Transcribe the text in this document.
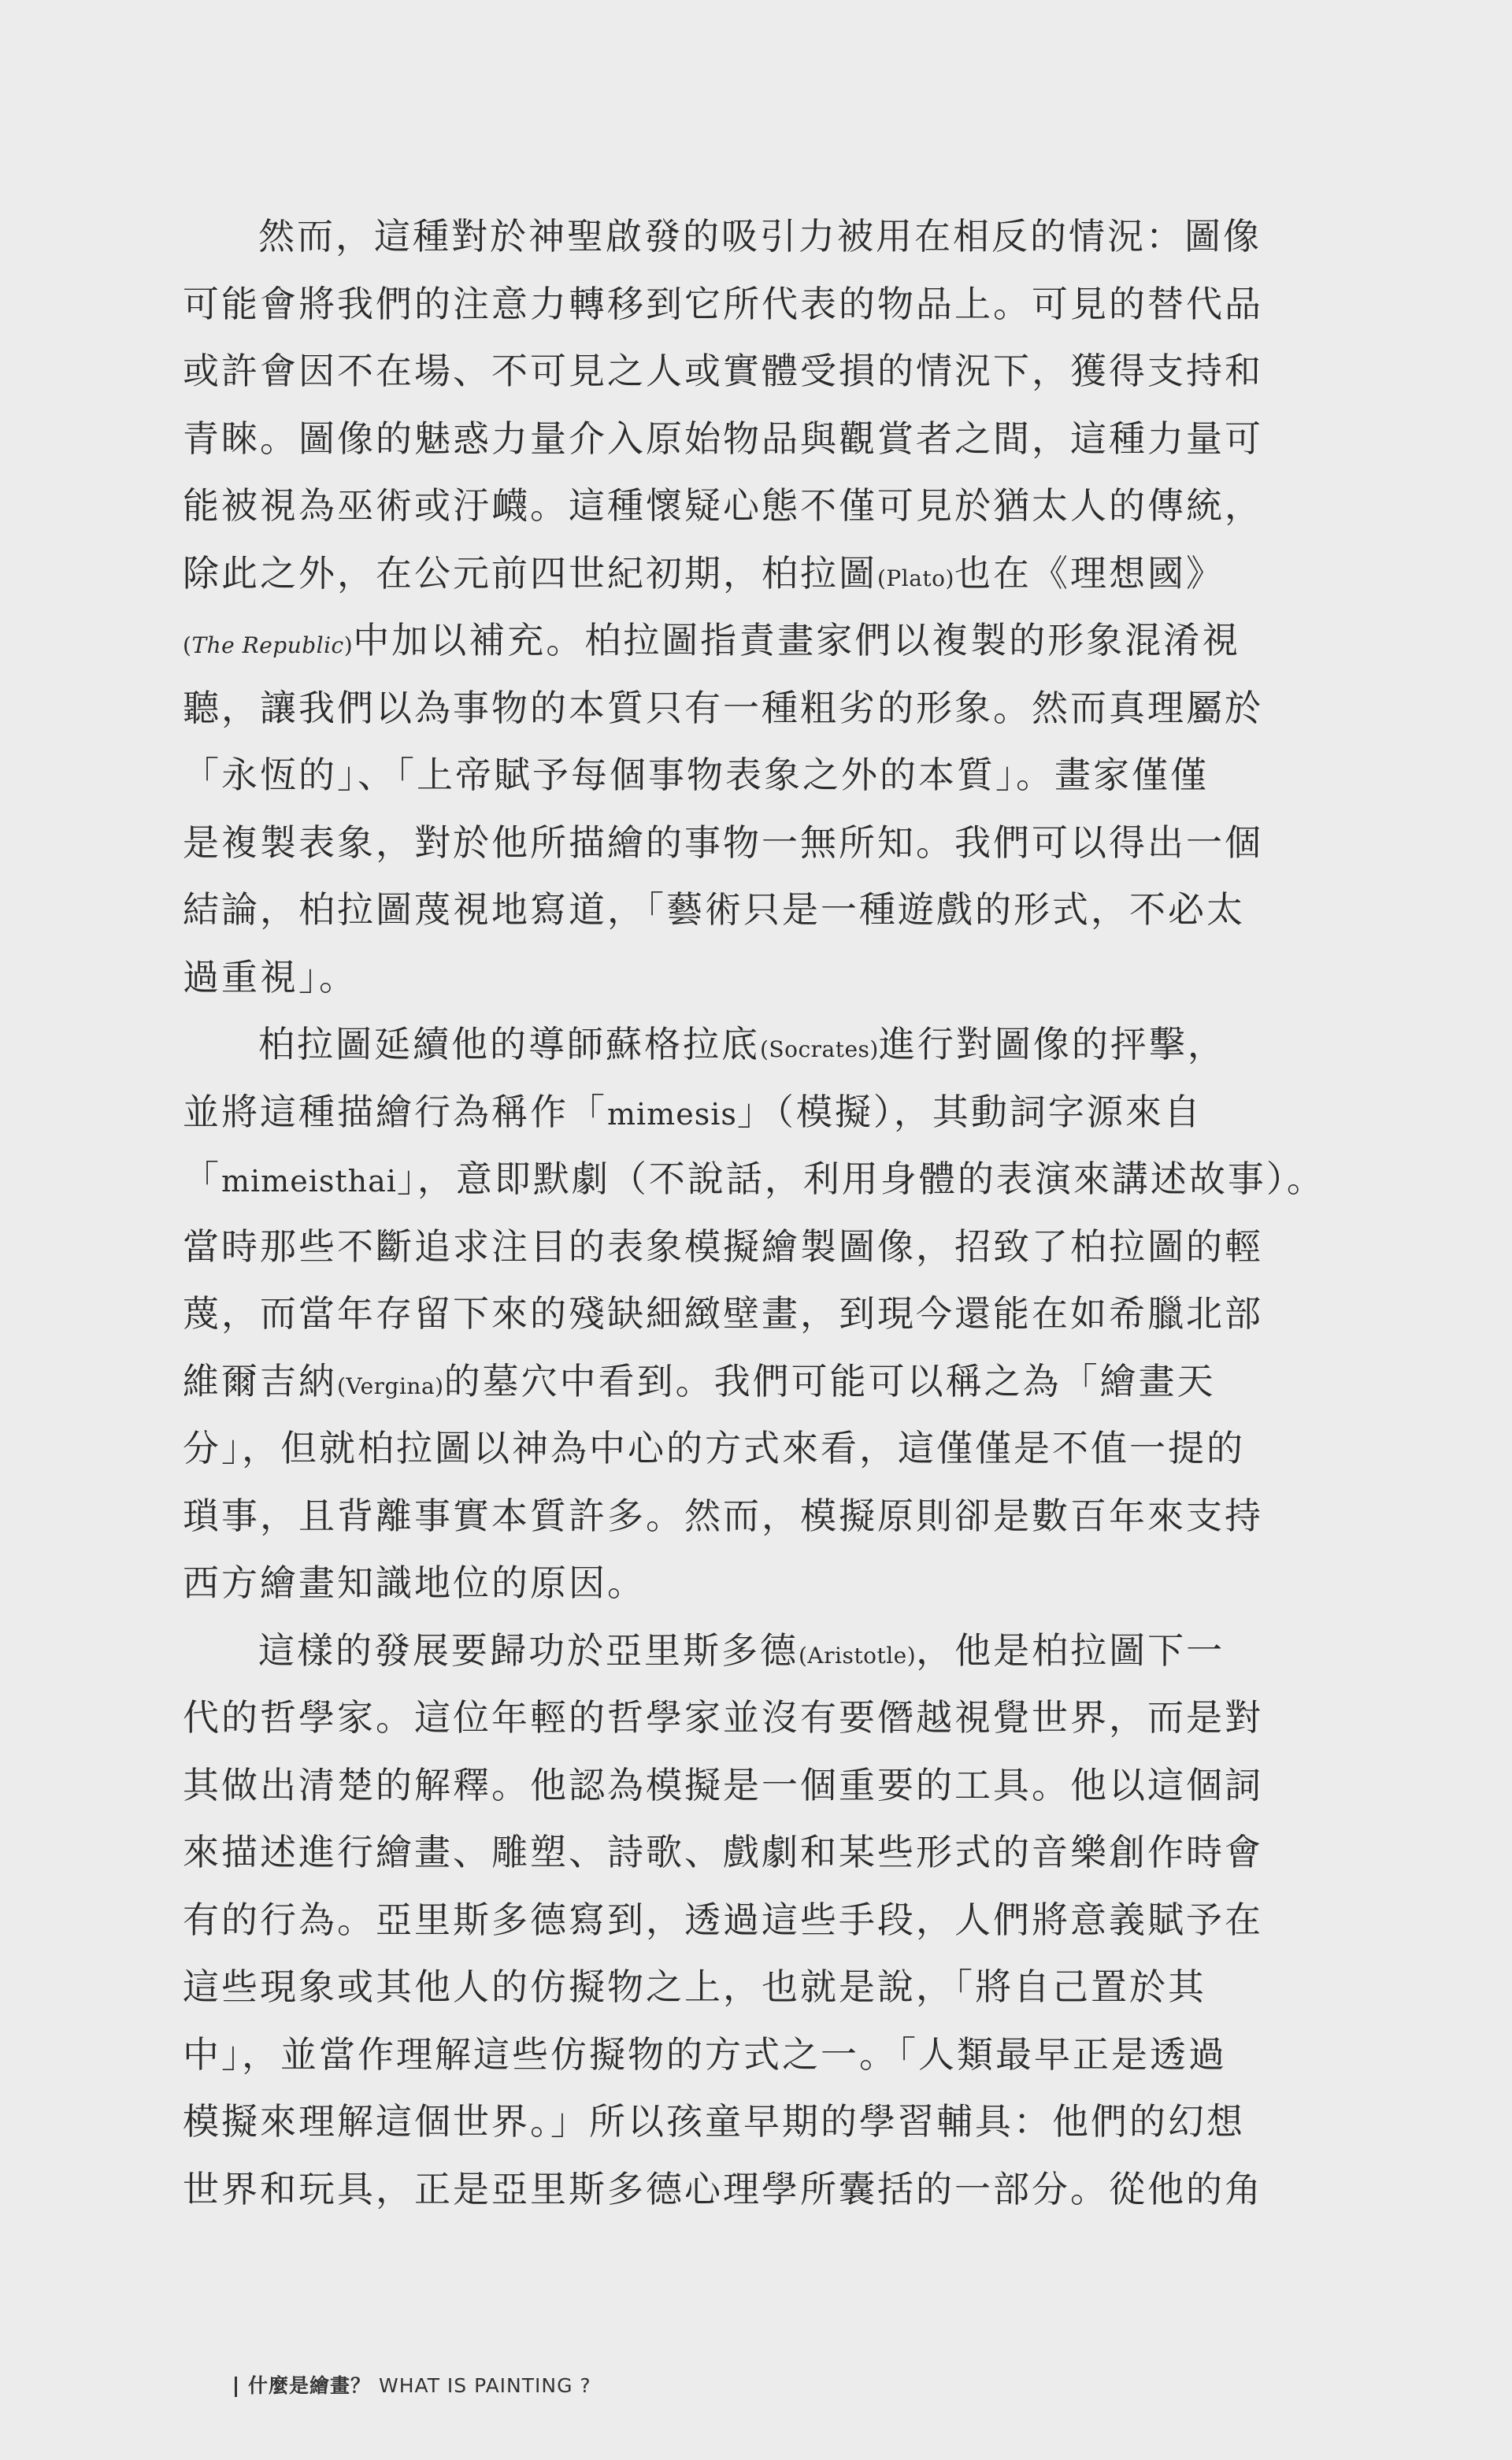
然而，這種對於神聖啟發的吸引力被用在相反的情況：圖像
可能會將我們的注意力轉移到它所代表的物品上。可見的替代品
或許會因不在場、不可見之人或實體受損的情況下，獲得支持和
青睞。圖像的魅惑力量介入原始物品與觀賞者之間，這種力量可
能被視為巫術或汙衊。這種懷疑心態不僅可見於猶太人的傳統，
除此之外，在公元前四世紀初期，柏拉圖(Plato)也在《理想國》
(The Republic)中加以補充。柏拉圖指責畫家們以複製的形象混淆視
聽，讓我們以為事物的本質只有一種粗劣的形象。然而真理屬於
「永恆的」、「上帝賦予每個事物表象之外的本質」。畫家僅僅
是複製表象，對於他所描繪的事物一無所知。我們可以得出一個
結論，柏拉圖蔑視地寫道，「藝術只是一種遊戲的形式，不必太
過重視」。
柏拉圖延續他的導師蘇格拉底(Socrates)進行對圖像的抨擊，
並將這種描繪行為稱作「mimesis」（模擬），其動詞字源來自
「mimeisthai」，意即默劇（不說話，利用身體的表演來講述故事）。
當時那些不斷追求注目的表象模擬繪製圖像，招致了柏拉圖的輕
蔑，而當年存留下來的殘缺細緻壁畫，到現今還能在如希臘北部
維爾吉納(Vergina)的墓穴中看到。我們可能可以稱之為「繪畫天
分」，但就柏拉圖以神為中心的方式來看，這僅僅是不值一提的
瑣事，且背離事實本質許多。然而，模擬原則卻是數百年來支持
西方繪畫知識地位的原因。
這樣的發展要歸功於亞里斯多德(Aristotle)，他是柏拉圖下一
代的哲學家。這位年輕的哲學家並沒有要僭越視覺世界，而是對
其做出清楚的解釋。他認為模擬是一個重要的工具。他以這個詞
來描述進行繪畫、雕塑、詩歌、戲劇和某些形式的音樂創作時會
有的行為。亞里斯多德寫到，透過這些手段，人們將意義賦予在
這些現象或其他人的仿擬物之上，也就是說，「將自己置於其
中」，並當作理解這些仿擬物的方式之一。「人類最早正是透過
模擬來理解這個世界。」所以孩童早期的學習輔具：他們的幻想
世界和玩具，正是亞里斯多德心理學所囊括的一部分。從他的角
什麼是繪畫？ WHAT IS PAINTING ?
